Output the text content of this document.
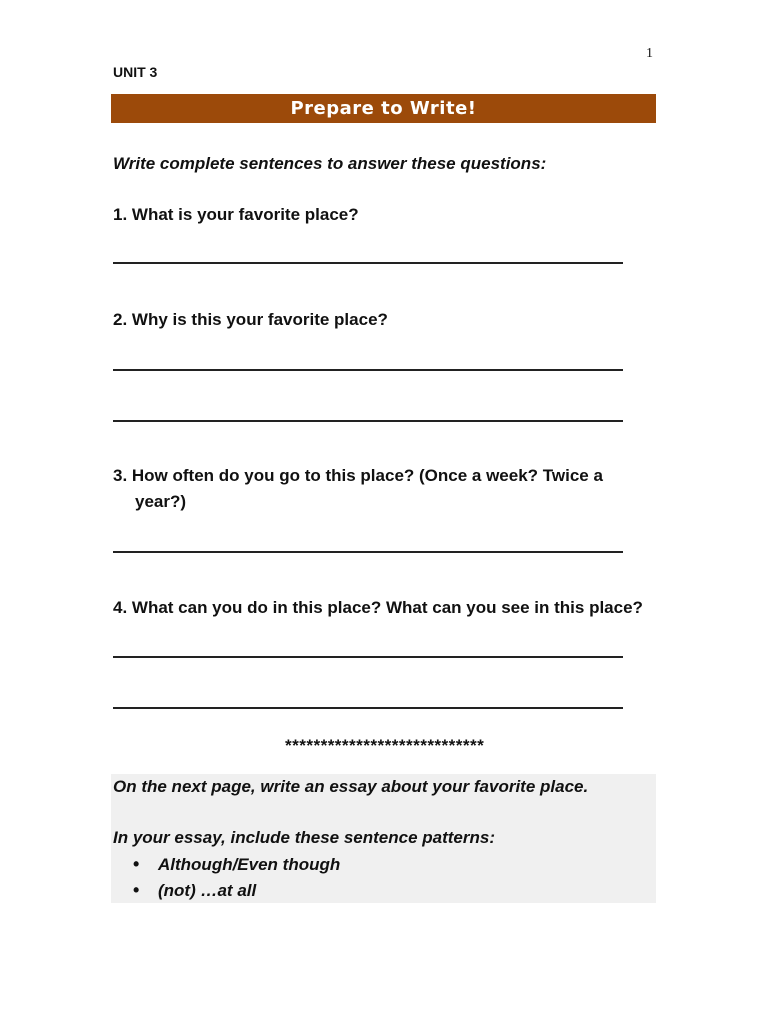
1
UNIT 3
Prepare to Write!
Write complete sentences to answer these questions:
1. What is your favorite place?
2. Why is this your favorite place?
3. How often do you go to this place? (Once a week? Twice a
year?)
4. What can you do in this place? What can you see in this place?
****************************
On the next page, write an essay about your favorite place.
In your essay, include these sentence patterns:
• Although/Even though
• (not) …at all
